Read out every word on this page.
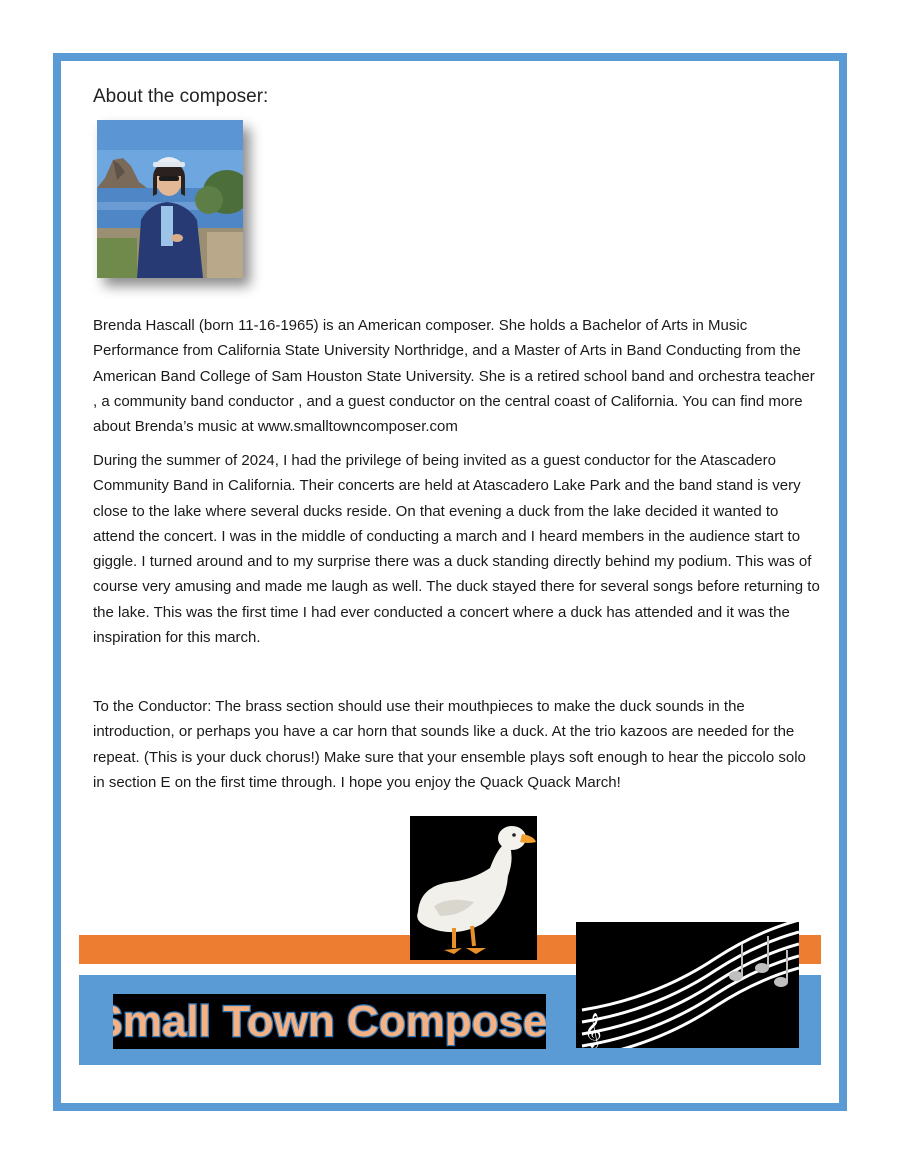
About the composer:

Brenda Hascall (born 11-16-1965) is an American composer. She holds a Bachelor of Arts in Music Performance from California State University Northridge, and a Master of Arts in Band Conducting from the American Band College of Sam Houston State University. She is a retired school band and orchestra teacher , a community band conductor , and a guest conductor on the central coast of California. You can find more about Brenda’s music at www.smalltowncomposer.com

During the summer of 2024, I had the privilege of being invited as a guest conductor for the Atascadero Community Band in California. Their concerts are held at Atascadero Lake Park and the band stand is very close to the lake where several ducks reside. On that evening a duck from the lake decided it wanted to attend the concert. I was in the middle of conducting a march and I heard members in the audience start to giggle. I turned around and to my surprise there was a duck standing directly behind my podium. This was of course very amusing and made me laugh as well. The duck stayed there for several songs before returning to the lake. This was the first time I had ever conducted a concert where a duck has attended and it was the inspiration for this march.

To the Conductor: The brass section should use their mouthpieces to make the duck sounds in the introduction, or perhaps you have a car horn that sounds like a duck. At the trio kazoos are needed for the repeat. (This is your duck chorus!) Make sure that your ensemble plays soft enough to hear the piccolo solo in section E on the first time through. I hope you enjoy the Quack Quack March!

Small Town Composer 𝄞
